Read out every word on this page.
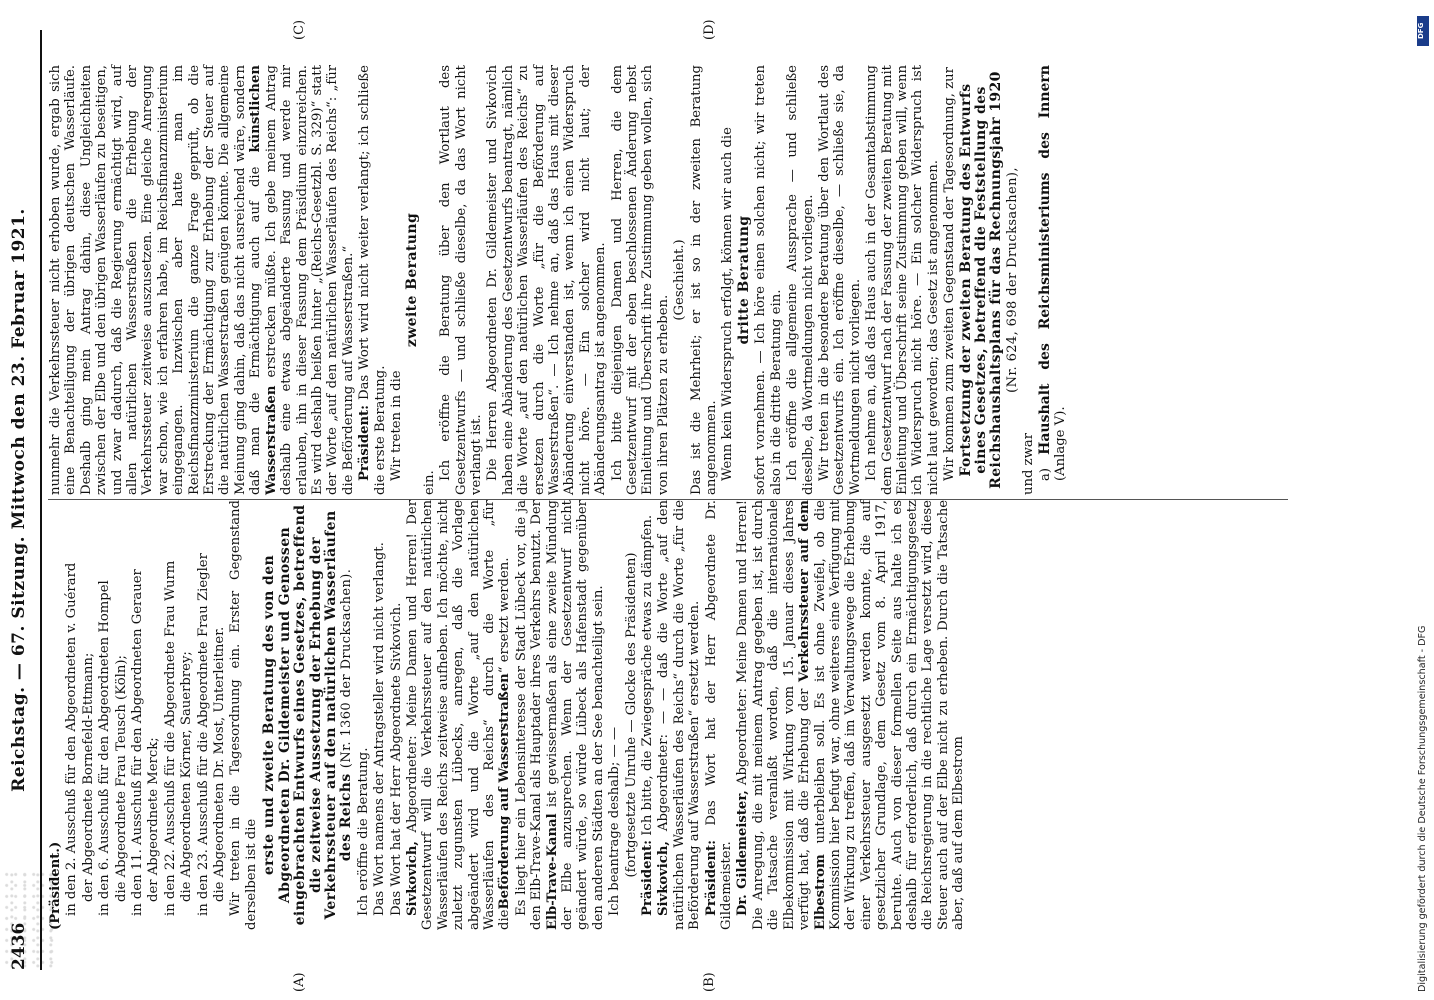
2436
Reichstag. — 67. Sitzung. Mittwoch den 23. Februar 1921.
(A)	(B)
(C)	(D)

(Präsident.) in den 2. Ausschuß für den Abgeordneten v. Guérard der Abgeordnete Bornefeld-Ettmann; in den 6. Ausschuß für den Abgeordneten Hompel die Abgeordnete Frau Teusch (Köln); in den 11. Ausschuß für den Abgeordneten Gerauer der Abgeordnete Merck; in den 22. Ausschuß für die Abgeordnete Frau Wurm die Abgeordneten Körner, Sauerbrey; in den 23. Ausschuß für die Abgeordnete Frau Ziegler die Abgeordneten Dr. Most, Unterleitner. Wir treten in die Tagesordnung ein. Erster Gegenstand derselben ist die erste und zweite Beratung des von den Abgeordneten Dr. Gildemeister und Genossen eingebrachten Entwurfs eines Gesetzes, betreffend die zeitweise Aussetzung der Erhebung der Verkehrssteuer auf den natürlichen Wasserläufen des Reichs (Nr. 1360 der Drucksachen).

Ich eröffne die Beratung. Das Wort namens der Antragsteller wird nicht verlangt. Das Wort hat der Herr Abgeordnete Sivkovich. Sivkovich, Abgeordneter: Meine Damen und Herren! Der Gesetzentwurf will die Verkehrssteuer auf den natürlichen Wasserläufen des Reichs zeitweise aufheben. Ich möchte, nicht zuletzt zugunsten Lübecks, anregen, daß die Vorlage abgeändert wird und die Worte „auf den natürlichen Wasserläufen des Reichs“ durch die Worte „für dieBeförderung auf Wasserstraßen“ ersetzt werden. Es liegt hier ein Lebensinteresse der Stadt Lübeck vor, die ja den Elb-Trave-Kanal als Hauptader ihres Verkehrs benutzt. Der Elb-Trave-Kanal ist gewissermaßen als eine zweite Mündung der Elbe anzusprechen. Wenn der Gesetzentwurf nicht geändert würde, so würde Lübeck als Hafenstadt gegenüber den anderen Städten an der See benachteiligt sein. Ich beantrage deshalb; — — (fortgesetzte Unruhe — Glocke des Präsidenten)

Präsident: Ich bitte, die Zwiegespräche etwas zu dämpfen.

Sivkovich, Abgeordneter: — — daß die Worte „auf den natürlichen Wasserläufen des Reichs“ durch die Worte „für die Beförderung auf Wasserstraßen“ ersetzt werden. Präsident: Das Wort hat der Herr Abgeordnete Dr. Gildemeister. Dr. Gildemeister, Abgeordneter: Meine Damen und Herren! Die Anregung, die mit meinem Antrag gegeben ist, ist durch die Tatsache veranlaßt worden, daß die internationale Elbekommission mit Wirkung vom 15. Januar dieses Jahres verfügt hat, daß die Erhebung der Verkehrssteuer auf dem Elbestrom unterbleiben soll. Es ist ohne Zweifel, ob die Kommission hier befugt war, ohne weiteres eine Verfügung mit der Wirkung zu treffen, daß im Verwaltungswege die Erhebung einer Verkehrssteuer ausgesetzt werden konnte, die auf gesetzlicher Grundlage, dem Gesetz vom 8. April 1917, beruhte. Auch von dieser formellen Seite aus halte ich es deshalb für erforderlich, daß durch ein Ermächtigungsgesetz die Reichsregierung in die rechtliche Lage versetzt wird, diese Steuer auch auf der Elbe nicht zu erheben. Durch die Tatsache aber, daß auf dem Elbestrom

nunmehr die Verkehrssteuer nicht erhoben wurde, ergab sich eine Benachteiligung der übrigen deutschen Wasserläufe. Deshalb ging mein Antrag dahin, diese Ungleichheiten zwischen der Elbe und den übrigen Wasserläufen zu beseitigen, und zwar dadurch, daß die Regierung ermächtigt wird, auf allen natürlichen Wasserstraßen die Erhebung der Verkehrssteuer zeitweise auszusetzen. Eine gleiche Anregung war schon, wie ich erfahren habe, im Reichsfinanzministerium eingegangen. Inzwischen aber hatte man im Reichsfinanzministerium die ganze Frage geprüft, ob die Erstreckung der Ermächtigung zur Erhebung der Steuer auf die natürlichen Wasserstraßen genügen könnte. Die allgemeine Meinung ging dahin, daß das nicht ausreichend wäre, sondern daß man die Ermächtigung auch auf die künstlichen Wasserstraßen erstrecken müßte. Ich gebe meinem Antrag deshalb eine etwas abgeänderte Fassung und werde mir erlauben, ihn in dieser Fassung dem Präsidium einzureichen. Es wird deshalb heißen hinter „(Reichs-Gesetzbl. S. 329)“ statt der Worte „auf den natürlichen Wasserläufen des Reichs“: „für die Beförderung auf Wasserstraßen.“ Präsident: Das Wort wird nicht weiter verlangt; ich schließe die erste Beratung. Wir treten in die

zweite Beratung

ein.

Ich eröffne die Beratung über den Wortlaut des Gesetzentwurfs — und schließe dieselbe, da das Wort nicht verlangt ist. Die Herren Abgeordneten Dr. Gildemeister und Sivkovich haben eine Abänderung des Gesetzentwurfs beantragt, nämlich die Worte „auf den natürlichen Wasserläufen des Reichs“ zu ersetzen durch die Worte „für die Beförderung auf Wasserstraßen“. — Ich nehme an, daß das Haus mit dieser Abänderung einverstanden ist, wenn ich einen Widerspruch nicht höre. — Ein solcher wird nicht laut; der Abänderungsantrag ist angenommen. Ich bitte diejenigen Damen und Herren, die dem Gesetzentwurf mit der eben beschlossenen Änderung nebst Einleitung und Überschrift ihre Zustimmung geben wollen, sich von ihren Plätzen zu erheben.

(Geschieht.) Das ist die Mehrheit; er ist so in der zweiten Beratung angenommen. Wenn kein Widerspruch erfolgt, können wir auch die dritte Beratung sofort vornehmen. — Ich höre einen solchen nicht; wir treten also in die dritte Beratung ein. Ich eröffne die allgemeine Aussprache — und schließe dieselbe, da Wortmeldungen nicht vorliegen. Wir treten in die besondere Beratung über den Wortlaut des Gesetzentwurfs ein. Ich eröffne dieselbe, — schließe sie, da Wortmeldungen nicht vorliegen. Ich nehme an, daß das Haus auch in der Gesamtabstimmung dem Gesetzentwurf nach der Fassung der zweiten Beratung mit Einleitung und Überschrift seine Zustimmung geben will, wenn ich Widerspruch nicht höre. — Ein solcher Widerspruch ist nicht laut geworden; das Gesetz ist angenommen. Wir kommen zum zweiten Gegenstand der Tagesordnung, zur Fortsetzung der zweiten Beratung des Entwurfs eines Gesetzes, betreffend die Feststellung des Reichshaushaltsplans für das Rechnungsjahr 1920 (Nr. 624, 698 der Drucksachen),

und zwar a) Haushalt des Reichsministeriums des Innern (Anlage V).

Digitalisierung gefördert durch die Deutsche Forschungsgemeinschaft - DFG
DFG
